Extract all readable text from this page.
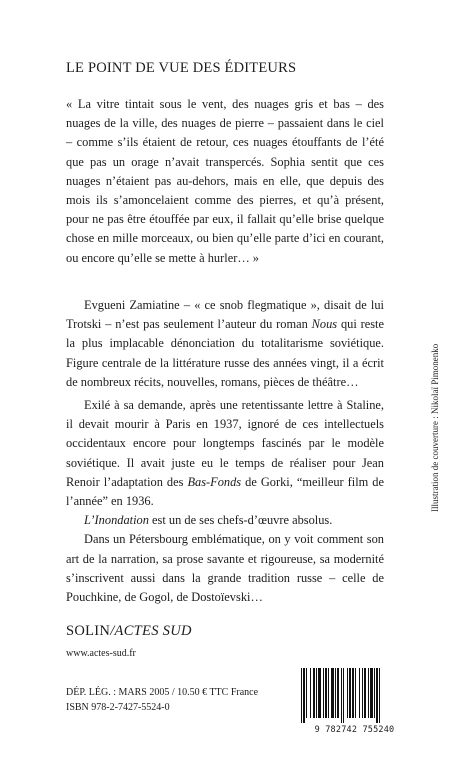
LE POINT DE VUE DES ÉDITEURS
« La vitre tintait sous le vent, des nuages gris et bas – des nuages de la ville, des nuages de pierre – passaient dans le ciel – comme s’ils étaient de retour, ces nuages étouffants de l’été que pas un orage n’avait transpercés. Sophia sentit que ces nuages n’étaient pas au-dehors, mais en elle, que depuis des mois ils s’amoncelaient comme des pierres, et qu’à présent, pour ne pas être étouffée par eux, il fallait qu’elle brise quelque chose en mille morceaux, ou bien qu’elle parte d’ici en courant, ou encore qu’elle se mette à hurler… »

Evgueni Zamiatine – « ce snob flegmatique », disait de lui Trotski – n’est pas seulement l’auteur du roman Nous qui reste la plus implacable dénonciation du totalitarisme soviétique. Figure centrale de la littérature russe des années vingt, il a écrit de nombreux récits, nouvelles, romans, pièces de théâtre…

Exilé à sa demande, après une retentissante lettre à Staline, il devait mourir à Paris en 1937, ignoré de ces intellectuels occidentaux encore pour longtemps fascinés par le modèle soviétique. Il avait juste eu le temps de réaliser pour Jean Renoir l’adaptation des Bas-Fonds de Gorki, “meilleur film de l’année” en 1936.

L’Inondation est un de ses chefs-d’œuvre absolus.

Dans un Pétersbourg emblématique, on y voit comment son art de la narration, sa prose savante et rigoureuse, sa modernité s’inscrivent aussi dans la grande tradition russe – celle de Pouchkine, de Gogol, de Dostoïevski…

SOLIN/ACTES SUD
www.actes-sud.fr
DÉP. LÉG. : MARS 2005 / 10.50 € TTC France
ISBN 978-2-7427-5524-0
9 782742 755240
Illustration de couverture : Nikolaï Pimonenko
